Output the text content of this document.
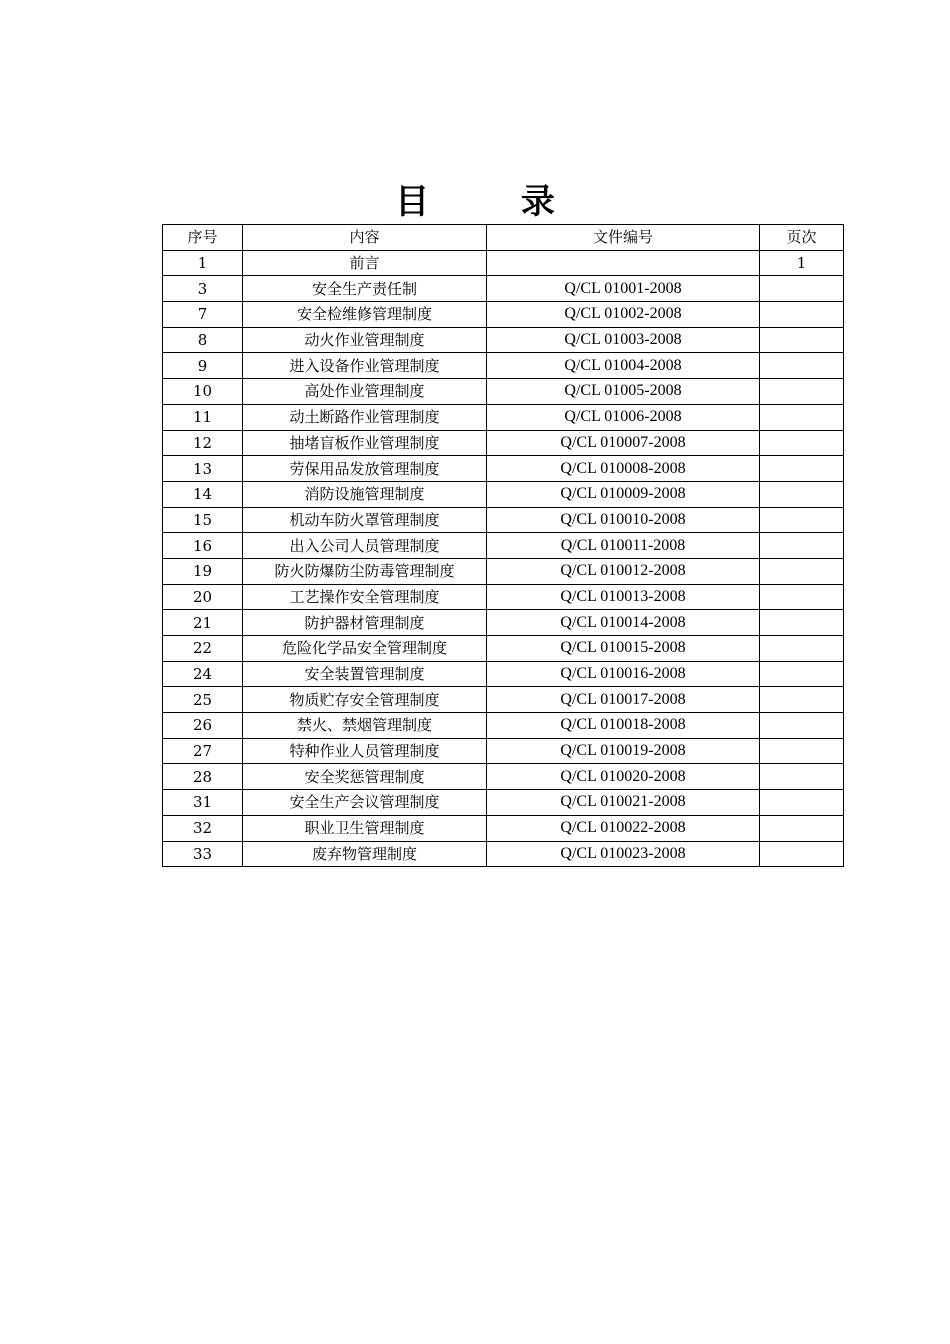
目 录
序号	内容	文件编号	页次
1	前言		1
3	安全生产责任制	Q/CL 01001-2008	
7	安全检维修管理制度	Q/CL 01002-2008	
8	动火作业管理制度	Q/CL 01003-2008	
9	进入设备作业管理制度	Q/CL 01004-2008	
10	高处作业管理制度	Q/CL 01005-2008	
11	动土断路作业管理制度	Q/CL 01006-2008	
12	抽堵盲板作业管理制度	Q/CL 010007-2008	
13	劳保用品发放管理制度	Q/CL 010008-2008	
14	消防设施管理制度	Q/CL 010009-2008	
15	机动车防火罩管理制度	Q/CL 010010-2008	
16	出入公司人员管理制度	Q/CL 010011-2008	
19	防火防爆防尘防毒管理制度	Q/CL 010012-2008	
20	工艺操作安全管理制度	Q/CL 010013-2008	
21	防护器材管理制度	Q/CL 010014-2008	
22	危险化学品安全管理制度	Q/CL 010015-2008	
24	安全装置管理制度	Q/CL 010016-2008	
25	物质贮存安全管理制度	Q/CL 010017-2008	
26	禁火、禁烟管理制度	Q/CL 010018-2008	
27	特种作业人员管理制度	Q/CL 010019-2008	
28	安全奖惩管理制度	Q/CL 010020-2008	
31	安全生产会议管理制度	Q/CL 010021-2008	
32	职业卫生管理制度	Q/CL 010022-2008	
33	废弃物管理制度	Q/CL 010023-2008	
